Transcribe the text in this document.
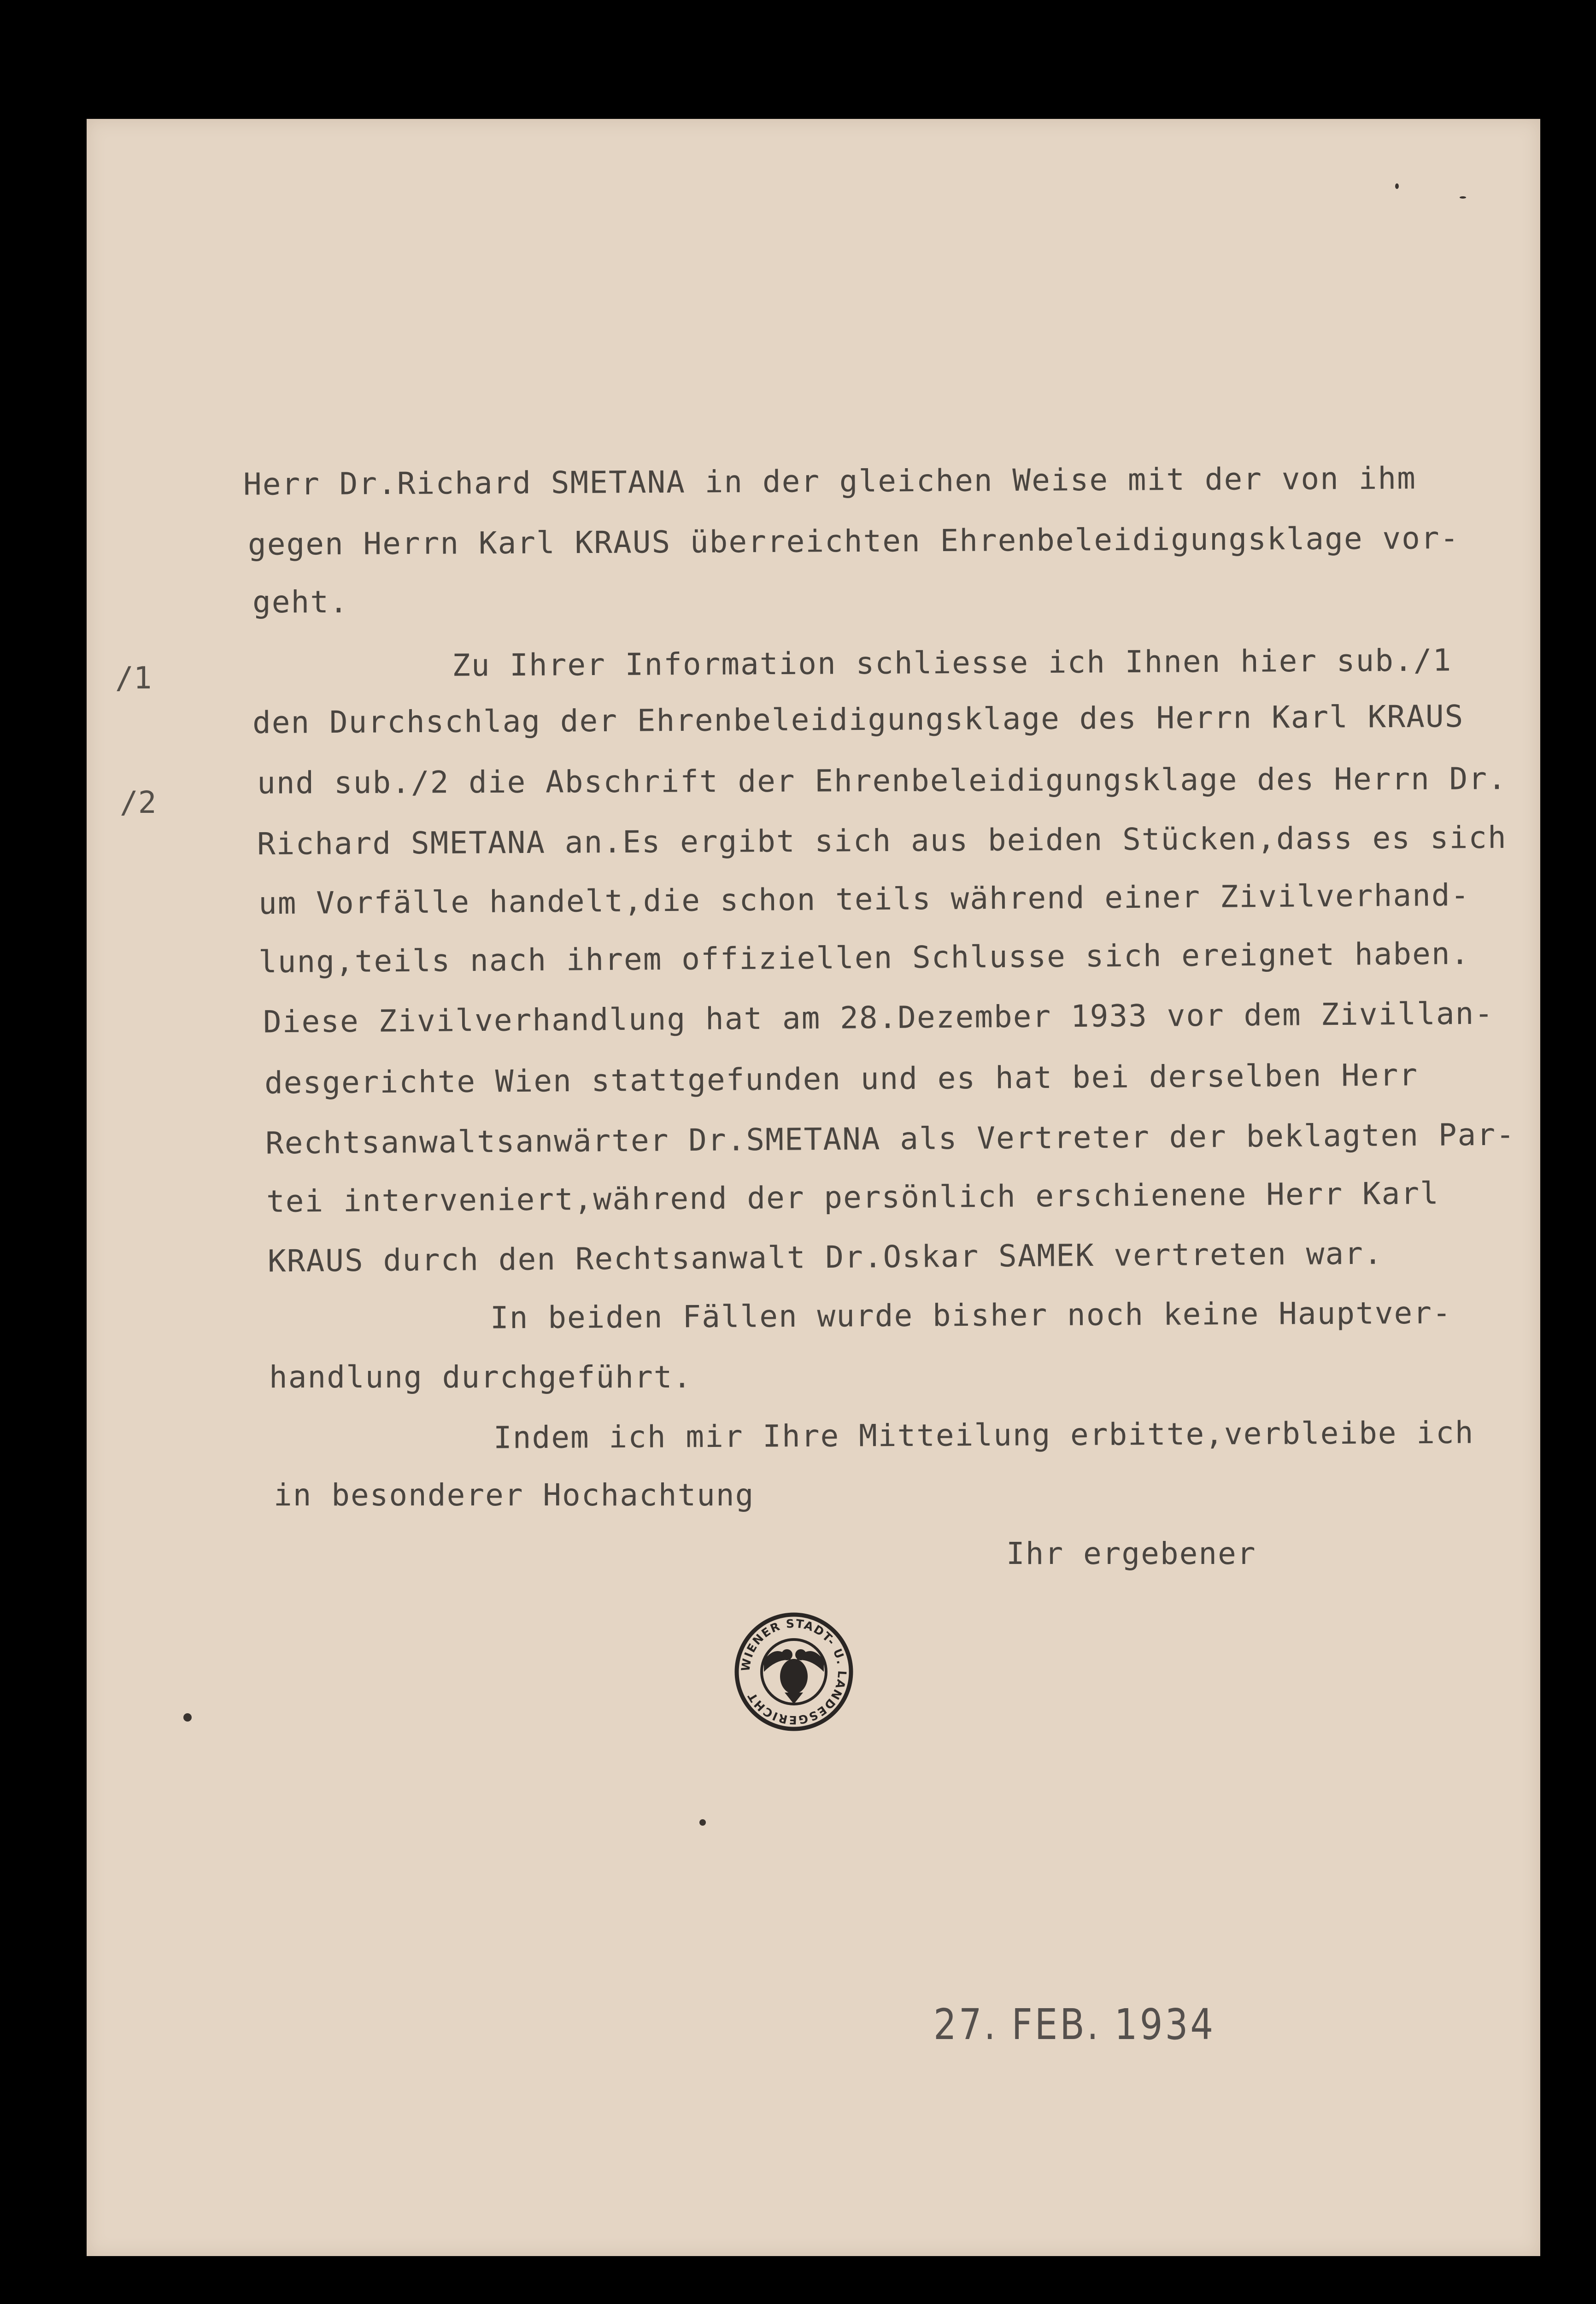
Herr Dr.Richard SMETANA in der gleichen Weise mit der von ihm
gegen Herrn Karl KRAUS überreichten Ehrenbeleidigungsklage vor-
geht.
Zu Ihrer Information schliesse ich Ihnen hier sub./1
den Durchschlag der Ehrenbeleidigungsklage des Herrn Karl KRAUS
und sub./2 die Abschrift der Ehrenbeleidigungsklage des Herrn Dr.
Richard SMETANA an.Es ergibt sich aus beiden Stücken,dass es sich
um Vorfälle handelt,die schon teils während einer Zivilverhand-
lung,teils nach ihrem offiziellen Schlusse sich ereignet haben.
Diese Zivilverhandlung hat am 28.Dezember 1933 vor dem Zivillan-
desgerichte Wien stattgefunden und es hat bei derselben Herr
Rechtsanwaltsanwärter Dr.SMETANA als Vertreter der beklagten Par-
tei interveniert,während der persönlich erschienene Herr Karl
KRAUS durch den Rechtsanwalt Dr.Oskar SAMEK vertreten war.
In beiden Fällen wurde bisher noch keine Hauptver-
handlung durchgeführt.
Indem ich mir Ihre Mitteilung erbitte,verbleibe ich
in besonderer Hochachtung
Ihr ergebener
/1
/2
WIENER STADT- U. LANDESGERICHT
27. FEB. 1934
